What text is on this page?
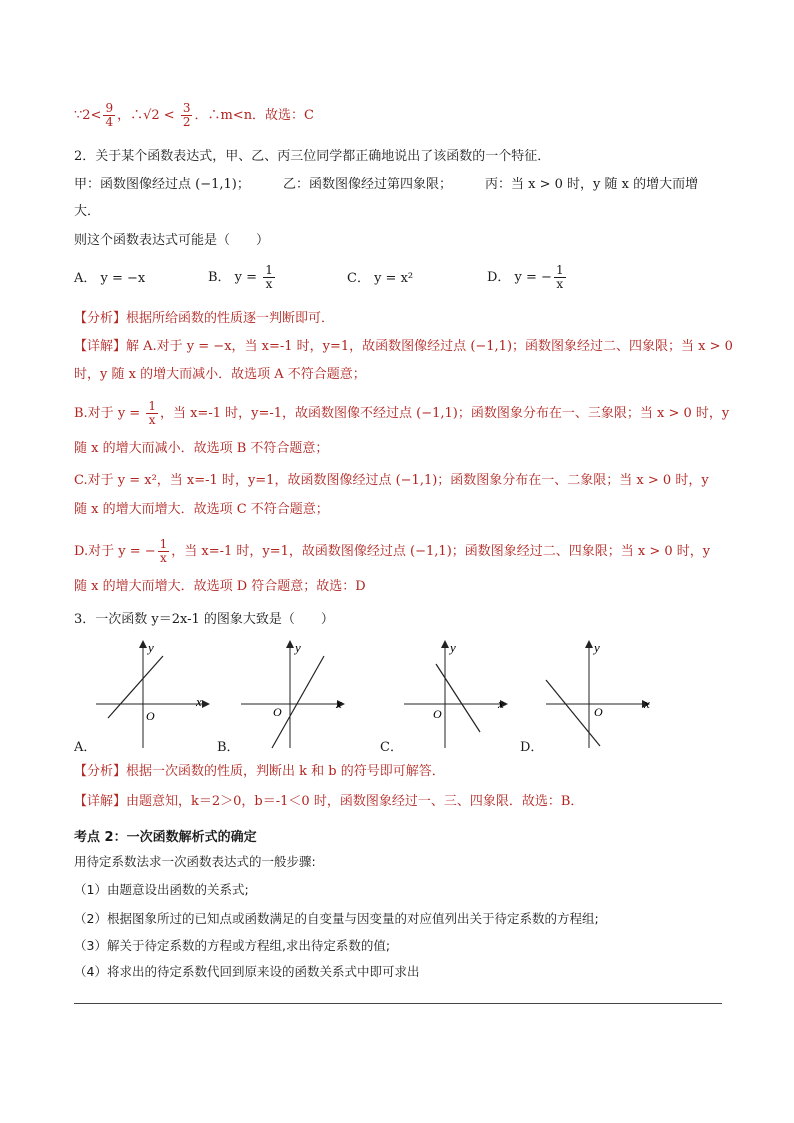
∵2< $\frac{9}{4}$ ，∴√2 < $\frac{3}{2}$ ．∴m<n．故选：C
2．关于某个函数表达式，甲、乙、丙三位同学都正确地说出了该函数的一个特征．
甲：函数图像经过点 (−1,1)；	乙：函数图像经过第四象限；	丙：当 x > 0 时，y 随 x 的增大而增
大．
则这个函数表达式可能是（　　）
A． y = −x	B． $y = \frac{1}{x}$	C． y = x²	D． y = − $\frac{1}{x}$
【分析】根据所给函数的性质逐一判断即可．
【详解】解 A.对于 y = −x，当 x=-1 时，y=1，故函数图像经过点 (−1,1)；函数图象经过二、四象限；当 x > 0
时，y 随 x 的增大而减小．故选项 A 不符合题意；
B.对于 $y = \frac{1}{x}$ ，当 x=-1 时，y=-1，故函数图像不经过点 (−1,1)；函数图象分布在一、三象限；当 x > 0 时，y
随 x 的增大而减小．故选项 B 不符合题意；
C.对于 y = x²，当 x=-1 时，y=1，故函数图像经过点 (−1,1)；函数图象分布在一、二象限；当 x > 0 时，y
随 x 的增大而增大．故选项 C 不符合题意；
D.对于 y = − $\frac{1}{x}$ ，当 x=-1 时，y=1，故函数图像经过点 (−1,1)；函数图象经过二、四象限；当 x > 0 时，y
随 x 的增大而增大．故选项 D 符合题意；故选：D
3．一次函数 y＝2x-1 的图象大致是（　　）
x
y
O
A．
x
y
O
B．
x
y
O
C．
x
y
O
D．
【分析】根据一次函数的性质，判断出 k 和 b 的符号即可解答．
【详解】由题意知，k＝2＞0，b＝-1＜0 时，函数图象经过一、三、四象限．故选：B．
考点 2：一次函数解析式的确定
用待定系数法求一次函数表达式的一般步骤:
（1）由题意设出函数的关系式;
（2）根据图象所过的已知点或函数满足的自变量与因变量的对应值列出关于待定系数的方程组;
（3）解关于待定系数的方程或方程组,求出待定系数的值;
（4）将求出的待定系数代回到原来设的函数关系式中即可求出
